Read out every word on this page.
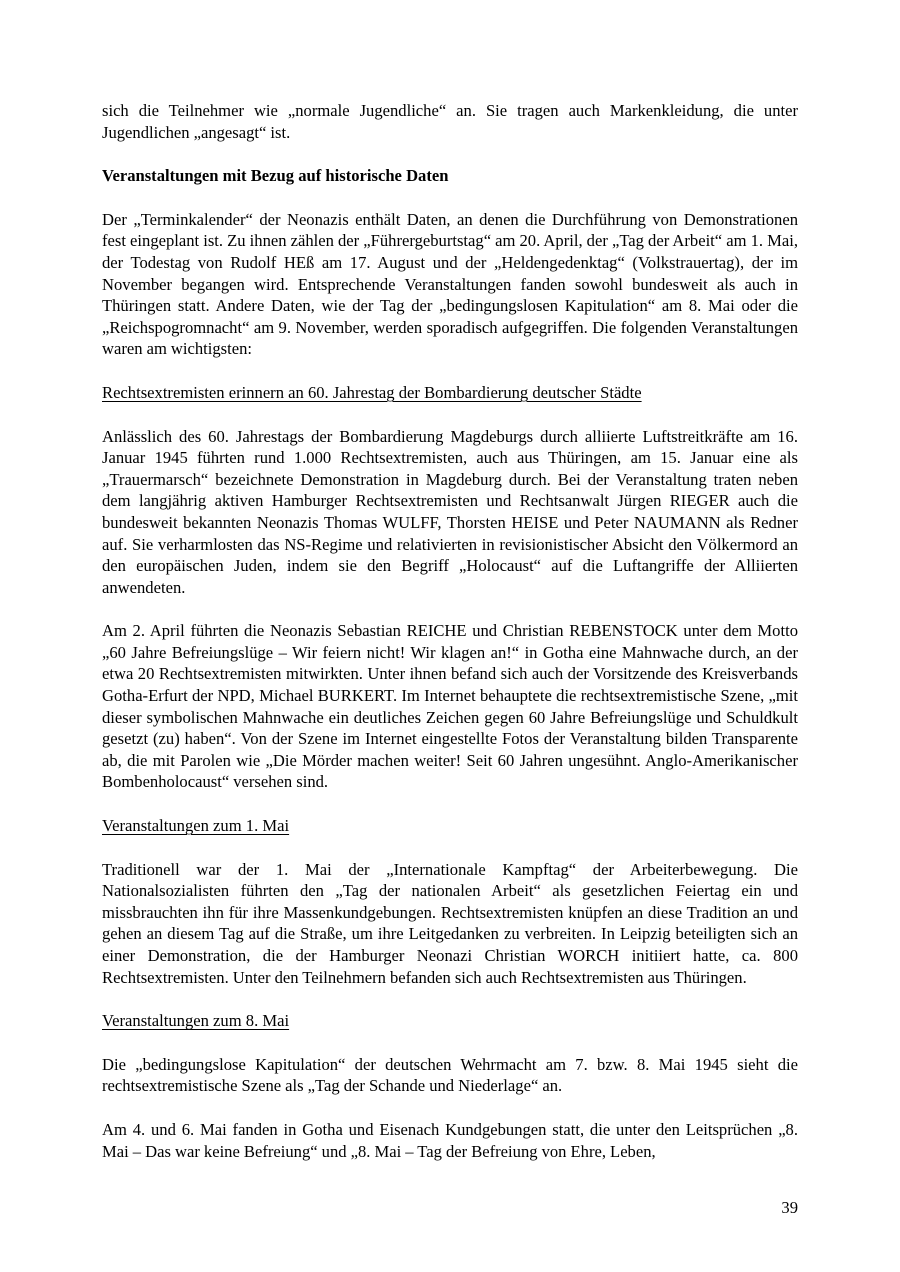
sich die Teilnehmer wie „normale Jugendliche“ an. Sie tragen auch Markenkleidung, die unter Jugendlichen „angesagt“ ist.

Veranstaltungen mit Bezug auf historische Daten

Der „Terminkalender“ der Neonazis enthält Daten, an denen die Durchführung von Demonstrationen fest eingeplant ist. Zu ihnen zählen der „Führergeburtstag“ am 20. April, der „Tag der Arbeit“ am 1. Mai, der Todestag von Rudolf HEß am 17. August und der „Heldengedenktag“ (Volkstrauertag), der im November begangen wird. Entsprechende Veranstaltungen fanden sowohl bundesweit als auch in Thüringen statt. Andere Daten, wie der Tag der „bedingungslosen Kapitulation“ am 8. Mai oder die „Reichspogromnacht“ am 9. November, werden sporadisch aufgegriffen. Die folgenden Veranstaltungen waren am wichtigsten:

Rechtsextremisten erinnern an 60. Jahrestag der Bombardierung deutscher Städte

Anlässlich des 60. Jahrestags der Bombardierung Magdeburgs durch alliierte Luftstreitkräfte am 16. Januar 1945 führten rund 1.000 Rechtsextremisten, auch aus Thüringen, am 15. Januar eine als „Trauermarsch“ bezeichnete Demonstration in Magdeburg durch. Bei der Veranstaltung traten neben dem langjährig aktiven Hamburger Rechtsextremisten und Rechtsanwalt Jürgen RIEGER auch die bundesweit bekannten Neonazis Thomas WULFF, Thorsten HEISE und Peter NAUMANN als Redner auf. Sie verharmlosten das NS-Regime und relativierten in revisionistischer Absicht den Völkermord an den europäischen Juden, indem sie den Begriff „Holocaust“ auf die Luftangriffe der Alliierten anwendeten.

Am 2. April führten die Neonazis Sebastian REICHE und Christian REBENSTOCK unter dem Motto „60 Jahre Befreiungslüge – Wir feiern nicht! Wir klagen an!“ in Gotha eine Mahnwache durch, an der etwa 20 Rechtsextremisten mitwirkten. Unter ihnen befand sich auch der Vorsitzende des Kreisverbands Gotha-Erfurt der NPD, Michael BURKERT. Im Internet behauptete die rechtsextremistische Szene, „mit dieser symbolischen Mahnwache ein deutliches Zeichen gegen 60 Jahre Befreiungslüge und Schuldkult gesetzt (zu) haben“. Von der Szene im Internet eingestellte Fotos der Veranstaltung bilden Transparente ab, die mit Parolen wie „Die Mörder machen weiter! Seit 60 Jahren ungesühnt. Anglo-Amerikanischer Bombenholocaust“ versehen sind.

Veranstaltungen zum 1. Mai

Traditionell war der 1. Mai der „Internationale Kampftag“ der Arbeiterbewegung. Die Nationalsozialisten führten den „Tag der nationalen Arbeit“ als gesetzlichen Feiertag ein und missbrauchten ihn für ihre Massenkundgebungen. Rechtsextremisten knüpfen an diese Tradition an und gehen an diesem Tag auf die Straße, um ihre Leitgedanken zu verbreiten. In Leipzig beteiligten sich an einer Demonstration, die der Hamburger Neonazi Christian WORCH initiiert hatte, ca. 800 Rechtsextremisten. Unter den Teilnehmern befanden sich auch Rechtsextremisten aus Thüringen.

Veranstaltungen zum 8. Mai

Die „bedingungslose Kapitulation“ der deutschen Wehrmacht am 7. bzw. 8. Mai 1945 sieht die rechtsextremistische Szene als „Tag der Schande und Niederlage“ an.

Am 4. und 6. Mai fanden in Gotha und Eisenach Kundgebungen statt, die unter den Leitsprüchen „8. Mai – Das war keine Befreiung“ und „8. Mai – Tag der Befreiung von Ehre, Leben,

39
